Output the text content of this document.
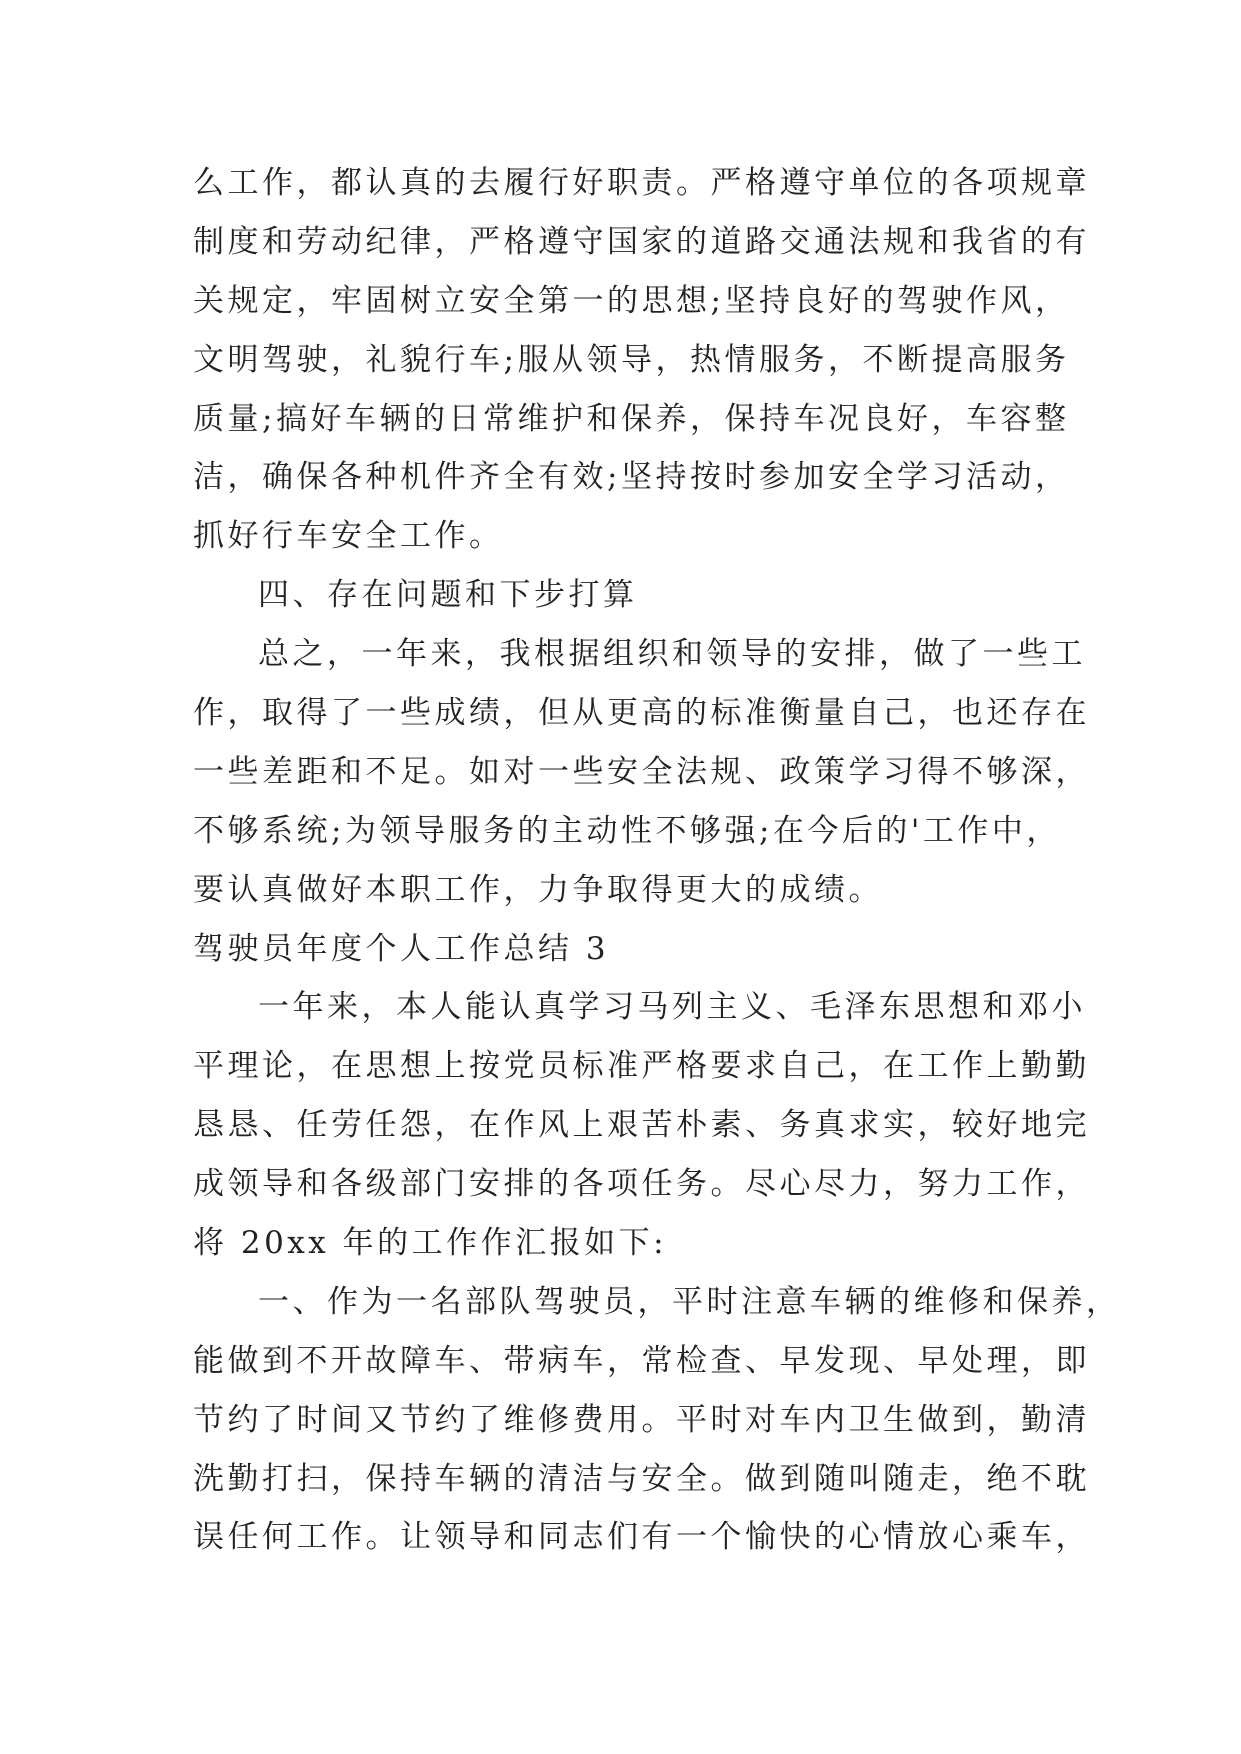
么工作，都认真的去履行好职责。严格遵守单位的各项规章
制度和劳动纪律，严格遵守国家的道路交通法规和我省的有
关规定，牢固树立安全第一的思想;坚持良好的驾驶作风，
文明驾驶，礼貌行车;服从领导，热情服务，不断提高服务
质量;搞好车辆的日常维护和保养，保持车况良好，车容整
洁，确保各种机件齐全有效;坚持按时参加安全学习活动，
抓好行车安全工作。
四、存在问题和下步打算
总之，一年来，我根据组织和领导的安排，做了一些工
作，取得了一些成绩，但从更高的标准衡量自己，也还存在
一些差距和不足。如对一些安全法规、政策学习得不够深，
不够系统;为领导服务的主动性不够强;在今后的'工作中，
要认真做好本职工作，力争取得更大的成绩。
驾驶员年度个人工作总结 3
一年来，本人能认真学习马列主义、毛泽东思想和邓小
平理论，在思想上按党员标准严格要求自己，在工作上勤勤
恳恳、任劳任怨，在作风上艰苦朴素、务真求实，较好地完
成领导和各级部门安排的各项任务。尽心尽力，努力工作，
将 20xx 年的工作作汇报如下:
一、作为一名部队驾驶员，平时注意车辆的维修和保养，
能做到不开故障车、带病车，常检查、早发现、早处理，即
节约了时间又节约了维修费用。平时对车内卫生做到，勤清
洗勤打扫，保持车辆的清洁与安全。做到随叫随走，绝不耽
误任何工作。让领导和同志们有一个愉快的心情放心乘车，
